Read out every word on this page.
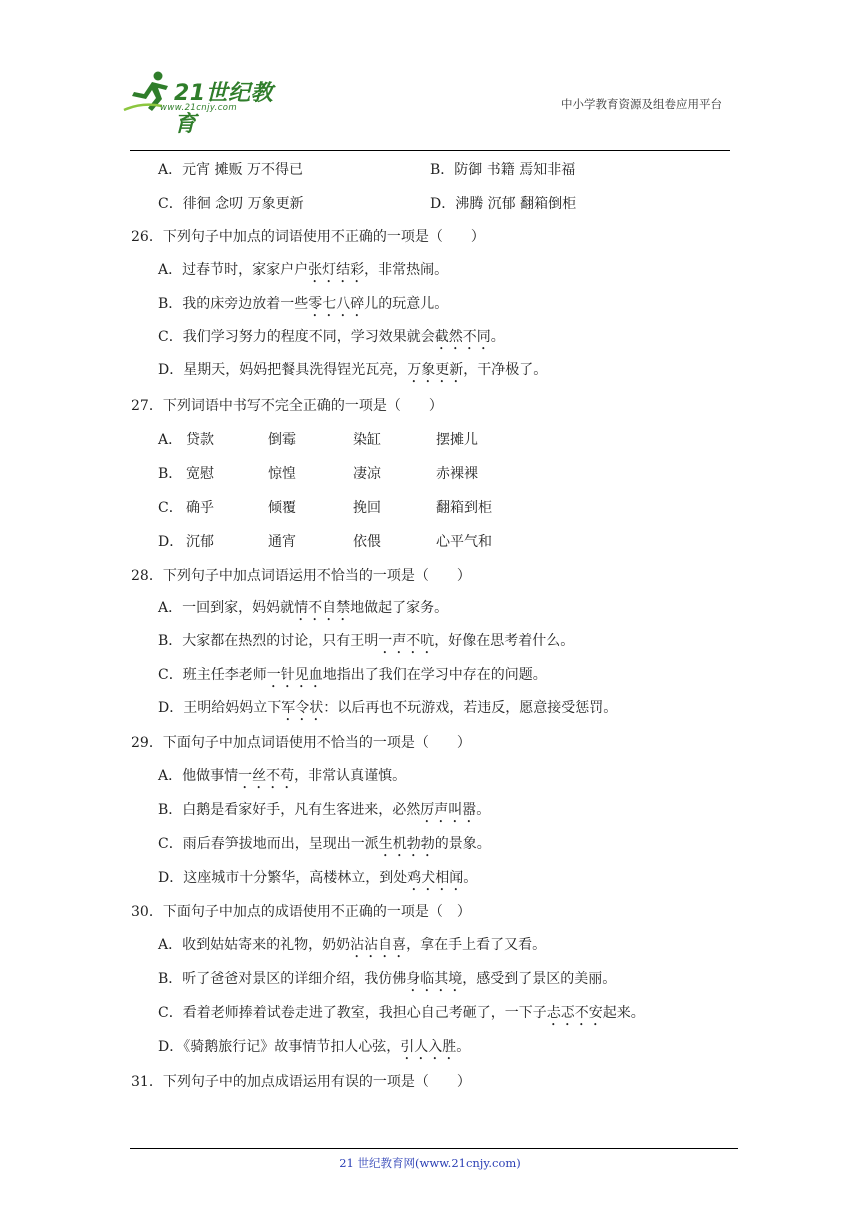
21世纪教育
www.21cnjy.com	中小学教育资源及组卷应用平台
A．元宵 摊贩 万不得已	B．防御 书籍 焉知非福
C．徘徊 念叨 万象更新	D．沸腾 沉郁 翻箱倒柜
26．下列句子中加点的词语使用不正确的一项是（　　）
A．过春节时，家家户户张灯结彩，非常热闹。
B．我的床旁边放着一些零七八碎儿的玩意儿。
C．我们学习努力的程度不同，学习效果就会截然不同。
D．星期天，妈妈把餐具洗得锃光瓦亮，万象更新，干净极了。
27．下列词语中书写不完全正确的一项是（　　）
A． 贷款	倒霉	染缸	摆摊儿
B． 宽慰	惊惶	凄凉	赤裸裸
C． 确乎	倾覆	挽回	翻箱到柜
D． 沉郁	通宵	依偎	心平气和
28．下列句子中加点词语运用不恰当的一项是（　　）
A．一回到家，妈妈就情不自禁地做起了家务。
B．大家都在热烈的讨论，只有王明一声不吭，好像在思考着什么。
C．班主任李老师一针见血地指出了我们在学习中存在的问题。
D．王明给妈妈立下军令状：以后再也不玩游戏，若违反，愿意接受惩罚。
29．下面句子中加点词语使用不恰当的一项是（　　）
A．他做事情一丝不苟，非常认真谨慎。
B．白鹅是看家好手，凡有生客进来，必然厉声叫嚣。
C．雨后春笋拔地而出，呈现出一派生机勃勃的景象。
D．这座城市十分繁华，高楼林立，到处鸡犬相闻。
30．下面句子中加点的成语使用不正确的一项是（　）
A．收到姑姑寄来的礼物，奶奶沾沾自喜，拿在手上看了又看。
B．听了爸爸对景区的详细介绍，我仿佛身临其境，感受到了景区的美丽。
C．看着老师捧着试卷走进了教室，我担心自己考砸了，一下子忐忑不安起来。
D．《骑鹅旅行记》故事情节扣人心弦，引人入胜。
31．下列句子中的加点成语运用有误的一项是（　　）
21 世纪教育网(www.21cnjy.com)
